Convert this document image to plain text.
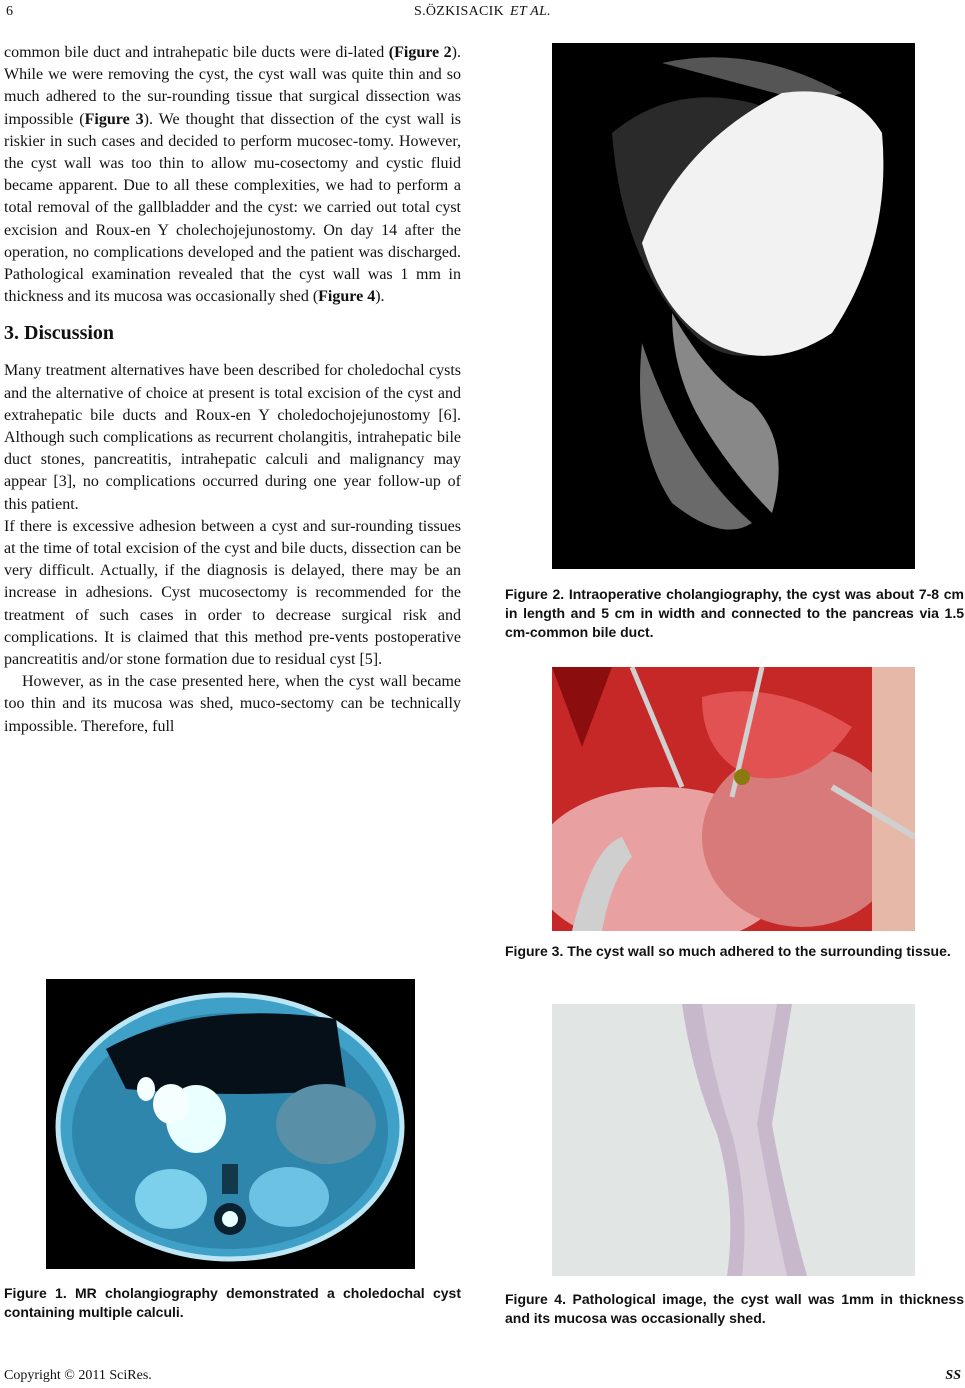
6	S.ÖZKISACIK ET AL.

common bile duct and intrahepatic bile ducts were di-lated (Figure 2). While we were removing the cyst, the cyst wall was quite thin and so much adhered to the sur-rounding tissue that surgical dissection was impossible (Figure 3). We thought that dissection of the cyst wall is riskier in such cases and decided to perform mucosec-tomy. However, the cyst wall was too thin to allow mu-cosectomy and cystic fluid became apparent. Due to all these complexities, we had to perform a total removal of the gallbladder and the cyst: we carried out total cyst excision and Roux-en Y cholechojejunostomy. On day 14 after the operation, no complications developed and the patient was discharged. Pathological examination revealed that the cyst wall was 1 mm in thickness and its mucosa was occasionally shed (Figure 4).

3. Discussion

Many treatment alternatives have been described for choledochal cysts and the alternative of choice at present is total excision of the cyst and extrahepatic bile ducts and Roux-en Y choledochojejunostomy [6]. Although such complications as recurrent cholangitis, intrahepatic bile duct stones, pancreatitis, intrahepatic calculi and malignancy may appear [3], no complications occurred during one year follow-up of this patient.

If there is excessive adhesion between a cyst and sur-rounding tissues at the time of total excision of the cyst and bile ducts, dissection can be very difficult. Actually, if the diagnosis is delayed, there may be an increase in adhesions. Cyst mucosectomy is recommended for the treatment of such cases in order to decrease surgical risk and complications. It is claimed that this method pre-vents postoperative pancreatitis and/or stone formation due to residual cyst [5].

However, as in the case presented here, when the cyst wall became too thin and its mucosa was shed, muco-sectomy can be technically impossible. Therefore, full

Figure 1. MR cholangiography demonstrated a choledochal cyst containing multiple calculi.
Figure 2. Intraoperative cholangiography, the cyst was about 7-8 cm in length and 5 cm in width and connected to the pancreas via 1.5 cm-common bile duct.
Figure 3. The cyst wall so much adhered to the surrounding tissue.
Figure 4. Pathological image, the cyst wall was 1mm in thickness and its mucosa was occasionally shed.
Copyright © 2011 SciRes.	SS
